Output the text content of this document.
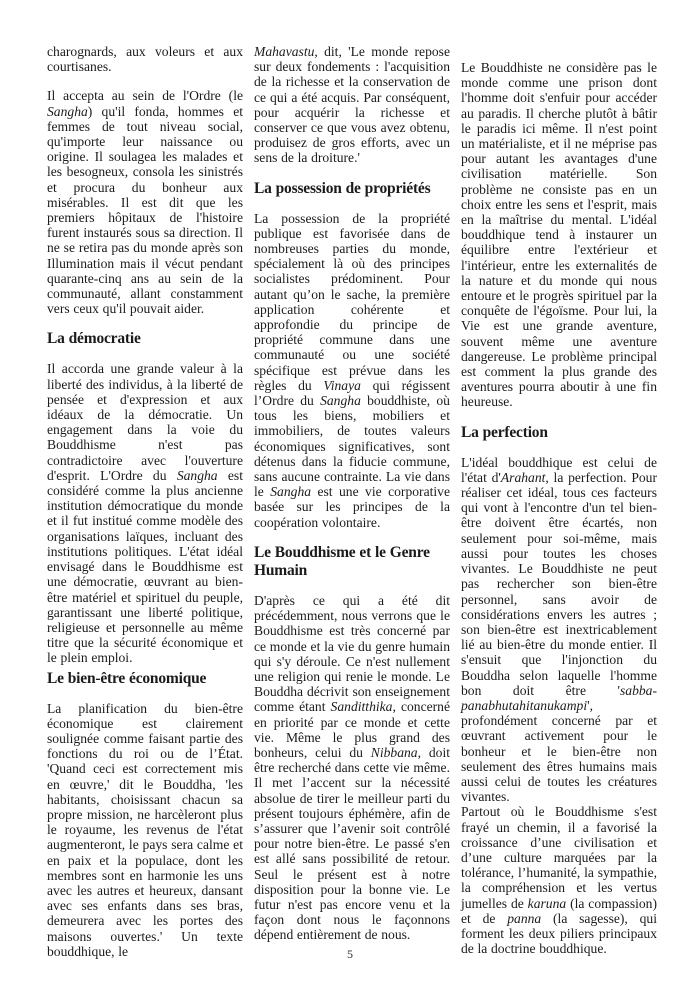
charognards, aux voleurs et aux courtisanes.

Il accepta au sein de l'Ordre (le Sangha) qu'il fonda, hommes et femmes de tout niveau social, qu'importe leur naissance ou origine. Il soulagea les malades et les besogneux, consola les sinistrés et procura du bonheur aux misérables. Il est dit que les premiers hôpitaux de l'histoire furent instaurés sous sa direction. Il ne se retira pas du monde après son Illumination mais il vécut pendant quarante-cinq ans au sein de la communauté, allant constamment vers ceux qu'il pouvait aider.

La démocratie

Il accorda une grande valeur à la liberté des individus, à la liberté de pensée et d'expression et aux idéaux de la démocratie. Un engagement dans la voie du Bouddhisme n'est pas contradictoire avec l'ouverture d'esprit. L'Ordre du Sangha est considéré comme la plus ancienne institution démocratique du monde et il fut institué comme modèle des organisations laïques, incluant des institutions politiques. L'état idéal envisagé dans le Bouddhisme est une démocratie, œuvrant au bien-être matériel et spirituel du peuple, garantissant une liberté politique, religieuse et personnelle au même titre que la sécurité économique et le plein emploi.

Le bien-être économique

La planification du bien-être économique est clairement soulignée comme faisant partie des fonctions du roi ou de l’État. 'Quand ceci est correctement mis en œuvre,' dit le Bouddha, 'les habitants, choisissant chacun sa propre mission, ne harcèleront plus le royaume, les revenus de l'état augmenteront, le pays sera calme et en paix et la populace, dont les membres sont en harmonie les uns avec les autres et heureux, dansant avec ses enfants dans ses bras, demeurera avec les portes des maisons ouvertes.' Un texte bouddhique, le

Mahavastu, dit, 'Le monde repose sur deux fondements : l'acquisition de la richesse et la conservation de ce qui a été acquis. Par conséquent, pour acquérir la richesse et conserver ce que vous avez obtenu, produisez de gros efforts, avec un sens de la droiture.'

La possession de propriétés

La possession de la propriété publique est favorisée dans de nombreuses parties du monde, spécialement là où des principes socialistes prédominent. Pour autant qu’on le sache, la première application cohérente et approfondie du principe de propriété commune dans une communauté ou une société spécifique est prévue dans les règles du Vinaya qui régissent l’Ordre du Sangha bouddhiste, où tous les biens, mobiliers et immobiliers, de toutes valeurs économiques significatives, sont détenus dans la fiducie commune, sans aucune contrainte. La vie dans le Sangha est une vie corporative basée sur les principes de la coopération volontaire.

Le Bouddhisme et le Genre Humain

D'après ce qui a été dit précédemment, nous verrons que le Bouddhisme est très concerné par ce monde et la vie du genre humain qui s'y déroule. Ce n'est nullement une religion qui renie le monde. Le Bouddha décrivit son enseignement comme étant Sanditthika, concerné en priorité par ce monde et cette vie. Même le plus grand des bonheurs, celui du Nibbana, doit être recherché dans cette vie même. Il met l’accent sur la nécessité absolue de tirer le meilleur parti du présent toujours éphémère, afin de s’assurer que l’avenir soit contrôlé pour notre bien-être. Le passé s'en est allé sans possibilité de retour. Seul le présent est à notre disposition pour la bonne vie. Le futur n'est pas encore venu et la façon dont nous le façonnons dépend entièrement de nous.

Le Bouddhiste ne considère pas le monde comme une prison dont l'homme doit s'enfuir pour accéder au paradis. Il cherche plutôt à bâtir le paradis ici même. Il n'est point un matérialiste, et il ne méprise pas pour autant les avantages d'une civilisation matérielle. Son problème ne consiste pas en un choix entre les sens et l'esprit, mais en la maîtrise du mental. L'idéal bouddhique tend à instaurer un équilibre entre l'extérieur et l'intérieur, entre les externalités de la nature et du monde qui nous entoure et le progrès spirituel par la conquête de l'égoïsme. Pour lui, la Vie est une grande aventure, souvent même une aventure dangereuse. Le problème principal est comment la plus grande des aventures pourra aboutir à une fin heureuse.

La perfection

L'idéal bouddhique est celui de l'état d'Arahant, la perfection. Pour réaliser cet idéal, tous ces facteurs qui vont à l'encontre d'un tel bien-être doivent être écartés, non seulement pour soi-même, mais aussi pour toutes les choses vivantes. Le Bouddhiste ne peut pas rechercher son bien-être personnel, sans avoir de considérations envers les autres ; son bien-être est inextricablement lié au bien-être du monde entier. Il s'ensuit que l'injonction du Bouddha selon laquelle l'homme bon doit être 'sabba-panabhutahitanukampi', profondément concerné par et œuvrant activement pour le bonheur et le bien-être non seulement des êtres humains mais aussi celui de toutes les créatures vivantes.

Partout où le Bouddhisme s'est frayé un chemin, il a favorisé la croissance d’une civilisation et d’une culture marquées par la tolérance, l’humanité, la sympathie, la compréhension et les vertus jumelles de karuna (la compassion) et de panna (la sagesse), qui forment les deux piliers principaux de la doctrine bouddhique.

5
